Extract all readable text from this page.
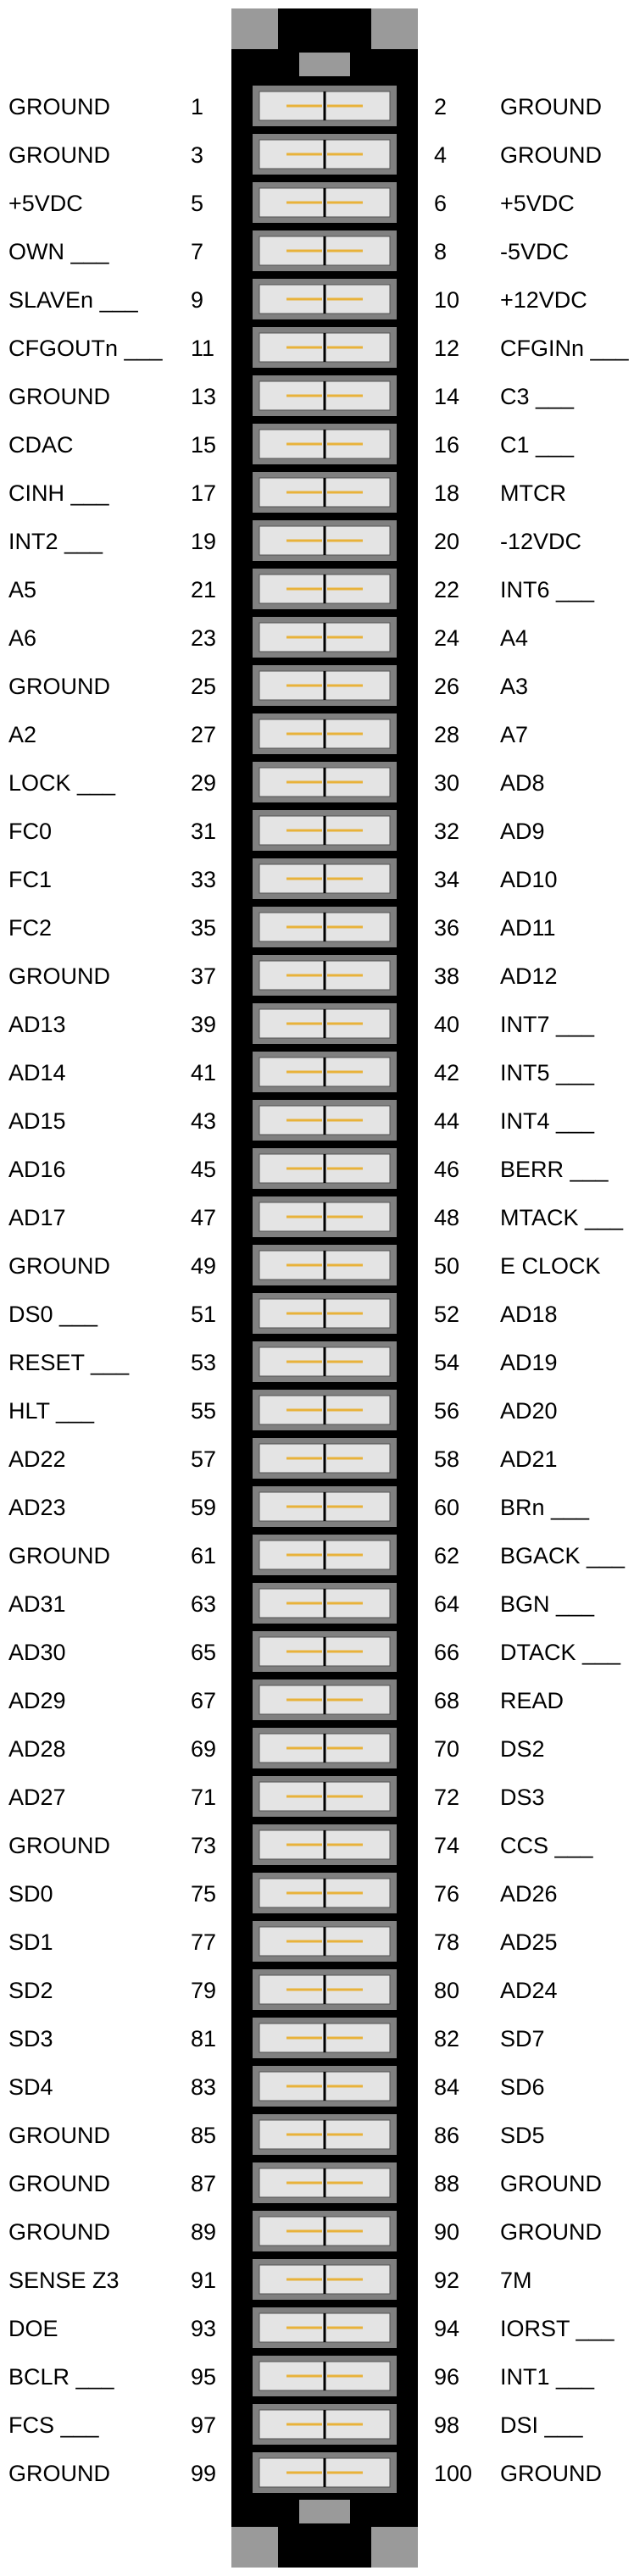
GROUND	1	2 GROUND
GROUND	3	4 GROUND
+5VDC	5	6 +5VDC
OWN ___	7	8 -5VDC
SLAVEn ___ 9	10 +12VDC
CFGOUTn ___ 11	12 CFGINn ___
GROUND	13	14 C3 ___
CDAC	15	16 C1 ___
CINH ___	17	18 MTCR
INT2 ___	19	20 -12VDC
A5	21	22 INT6 ___
A6	23	24 A4
GROUND	25	26 A3
A2	27	28 A7
LOCK ___	29	30 AD8
FC0	31	32 AD9
FC1	33	34 AD10
FC2	35	36 AD11
GROUND	37	38 AD12
AD13	39	40 INT7 ___
AD14	41	42 INT5 ___
AD15	43	44 INT4 ___
AD16	45	46 BERR ___
AD17	47	48 MTACK ___
GROUND	49	50 E CLOCK
DS0 ___	51	52 AD18
RESET ___	53	54 AD19
HLT ___	55	56 AD20
AD22	57	58 AD21
AD23	59	60 BRn ___
GROUND	61	62 BGACK ___
AD31	63	64 BGN ___
AD30	65	66 DTACK ___
AD29	67	68 READ
AD28	69	70 DS2
AD27	71	72 DS3
GROUND	73	74 CCS ___
SD0	75	76 AD26
SD1	77	78 AD25
SD2	79	80 AD24
SD3	81	82 SD7
SD4	83	84 SD6
GROUND	85	86 SD5
GROUND	87	88 GROUND
GROUND	89	90 GROUND
SENSE Z3	91	92 7M
DOE	93	94 IORST ___
BCLR ___	95	96 INT1 ___
FCS ___	97	98 DSI ___
GROUND	99	100 GROUND
